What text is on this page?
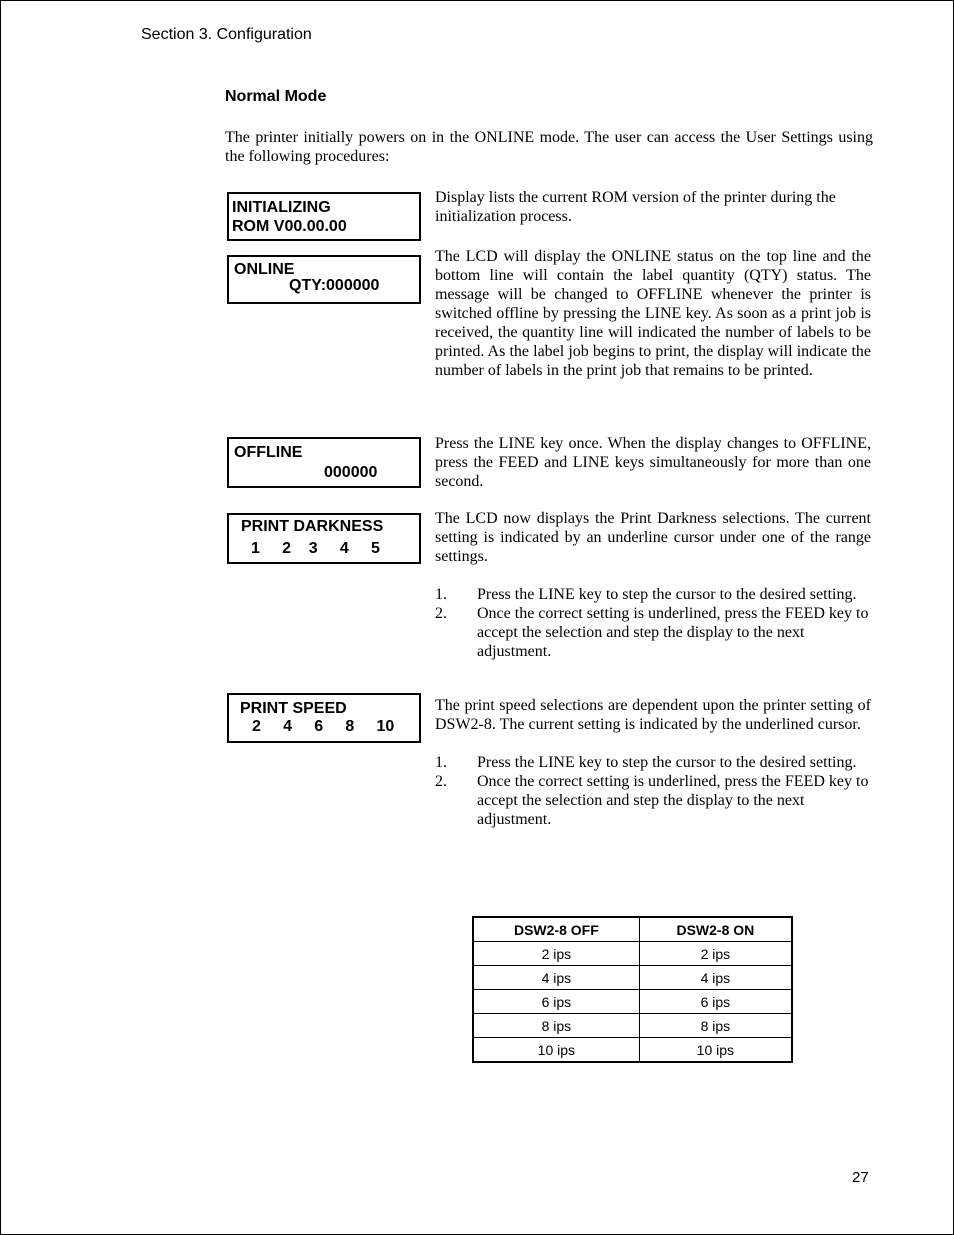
Section 3. Configuration
Normal Mode
The printer initially powers on in the ONLINE mode. The user can access the User Settings using the following procedures:
INITIALIZING
ROM V00.00.00

Display lists the current ROM version of the printer during the initialization process.

ONLINE
QTY:000000

The LCD will display the ONLINE status on the top line and the bottom line will contain the label quantity (QTY) status. The message will be changed to OFFLINE whenever the printer is switched offline by pressing the LINE key. As soon as a print job is received, the quantity line will indicated the number of labels to be printed. As the label job begins to print, the display will indicate the number of labels in the print job that remains to be printed.

OFFLINE
000000

Press the LINE key once. When the display changes to OFFLINE, press the FEED and LINE keys simultaneously for more than one second.

PRINT DARKNESS
1     2    3     4     5

The LCD now displays the Print Darkness selections. The current setting is indicated by an underline cursor under one of the range settings.

1. Press the LINE key to step the cursor to the desired setting.
2. Once the correct setting is underlined, press the FEED key to accept the selection and step the display to the next adjustment.
PRINT SPEED
2     4     6     8     10

The print speed selections are dependent upon the printer setting of DSW2-8. The current setting is indicated by the underlined cursor.

1. Press the LINE key to step the cursor to the desired setting.
2. Once the correct setting is underlined, press the FEED key to accept the selection and step the display to the next adjustment.
DSW2-8 OFF	DSW2-8 ON
2 ips	2 ips
4 ips	4 ips
6 ips	6 ips
8 ips	8 ips
10 ips	10 ips
27
